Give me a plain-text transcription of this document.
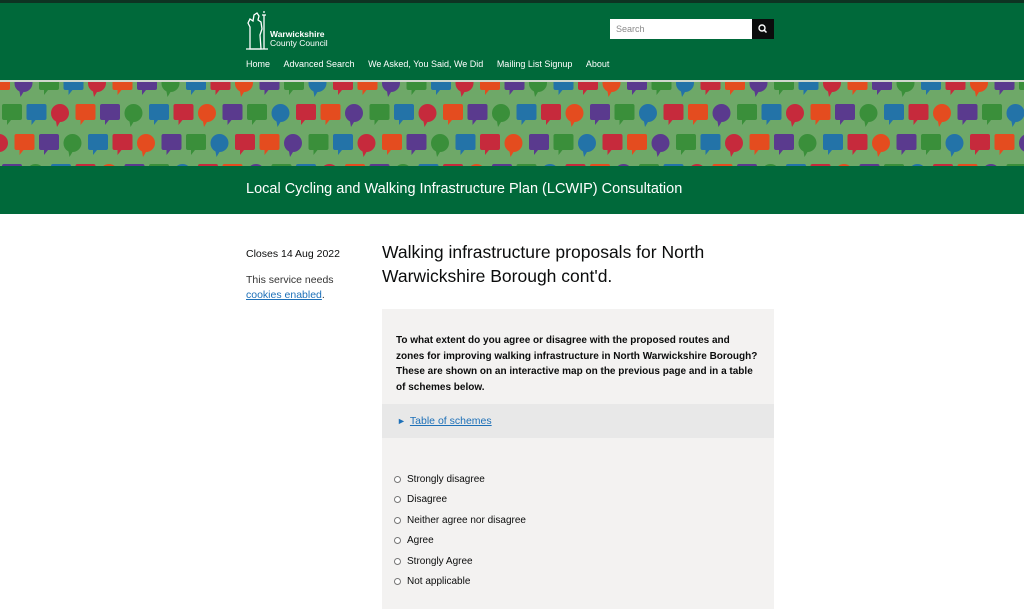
Warwickshire
County Council
Search
Home Advanced Search We Asked, You Said, We Did Mailing List Signup About
Local Cycling and Walking Infrastructure Plan (LCWIP) Consultation

Closes 14 Aug 2022

This service needs
cookies enabled.

Walking infrastructure proposals for North Warwickshire Borough cont'd.

To what extent do you agree or disagree with the proposed routes and zones for improving walking infrastructure in North Warwickshire Borough? These are shown on an interactive map on the previous page and in a table of schemes below.

► Table of schemes
Strongly disagree
Disagree
Neither agree nor disagree
Agree
Strongly Agree
Not applicable
